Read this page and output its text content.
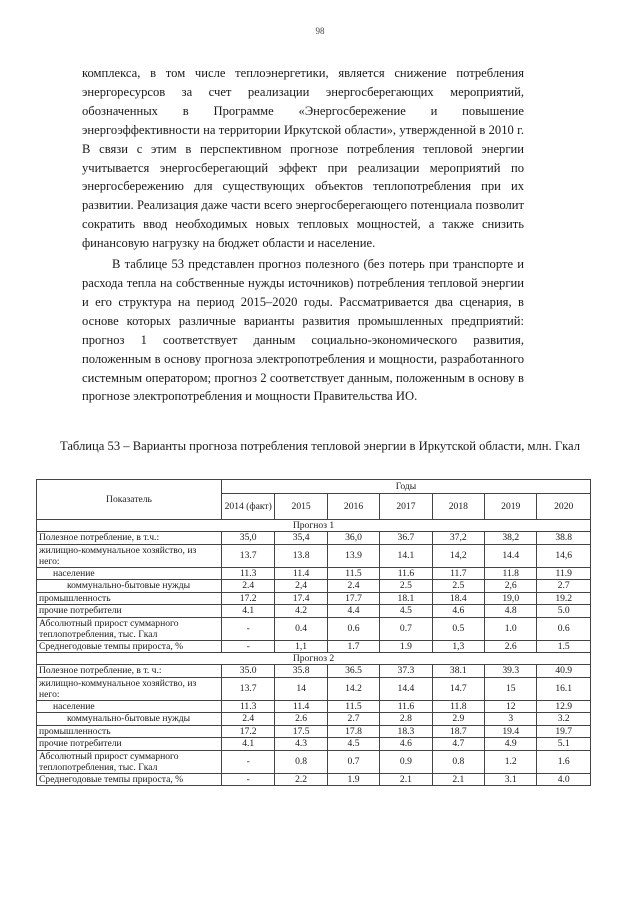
98

комплекса, в том числе теплоэнергетики, является снижение потребления энергоресурсов за счет реализации энергосберегающих мероприятий, обозначенных в Программе «Энергосбережение и повышение энергоэффективности на территории Иркутской области», утвержденной в 2010 г. В связи с этим в перспективном прогнозе потребления тепловой энергии учитывается энергосберегающий эффект при реализации мероприятий по энергосбережению для существующих объектов теплопотребления при их развитии. Реализация даже части всего энергосберегающего потенциала позволит сократить ввод необходимых новых тепловых мощностей, а также снизить финансовую нагрузку на бюджет области и население.

В таблице 53 представлен прогноз полезного (без потерь при транспорте и расхода тепла на собственные нужды источников) потребления тепловой энергии и его структура на период 2015–2020 годы. Рассматривается два сценария, в основе которых различные варианты развития промышленных предприятий: прогноз 1 соответствует данным социально-экономического развития, положенным в основу прогноза электропотребления и мощности, разработанного системным оператором; прогноз 2 соответствует данным, положенным в основу в прогнозе электропотребления и мощности Правительства ИО.

Таблица 53 – Варианты прогноза потребления тепловой энергии в Иркутской области, млн. Гкал
Показатель	Годы						
	2014 (факт)	2015	2016	2017	2018	2019	2020
Прогноз 1							
Полезное потребление, в т.ч.:	35,0	35,4	36,0	36.7	37,2	38,2	38.8
жилищно-коммунальное хозяйство, из него:	13.7	13.8	13.9	14.1	14,2	14.4	14,6
население	11.3	11.4	11.5	11.6	11.7	11.8	11.9
коммунально-бытовые нужды	2.4	2,4	2.4	2.5	2.5	2,6	2.7
промышленность	17.2	17.4	17.7	18.1	18.4	19,0	19.2
прочие потребители	4.1	4.2	4.4	4.5	4.6	4.8	5.0
Абсолютный прирост суммарного теплопотребления, тыс. Гкал	-	0.4	0.6	0.7	0.5	1.0	0.6
Среднегодовые темпы прироста, %	-	1,1	1.7	1.9	1,3	2.6	1.5
Прогноз 2							
Полезное потребление, в т. ч.:	35.0	35.8	36.5	37.3	38.1	39.3	40.9
жилищно-коммунальное хозяйство, из него:	13.7	14	14.2	14.4	14.7	15	16.1
население	11.3	11.4	11.5	11.6	11.8	12	12.9
коммунально-бытовые нужды	2.4	2.6	2.7	2.8	2.9	3	3.2
промышленность	17.2	17.5	17.8	18.3	18.7	19.4	19.7
прочие потребители	4.1	4.3	4.5	4.6	4.7	4.9	5.1
Абсолютный прирост суммарного теплопотребления, тыс. Гкал	-	0.8	0.7	0.9	0.8	1.2	1.6
Среднегодовые темпы прироста, %	-	2.2	1.9	2.1	2.1	3.1	4.0
